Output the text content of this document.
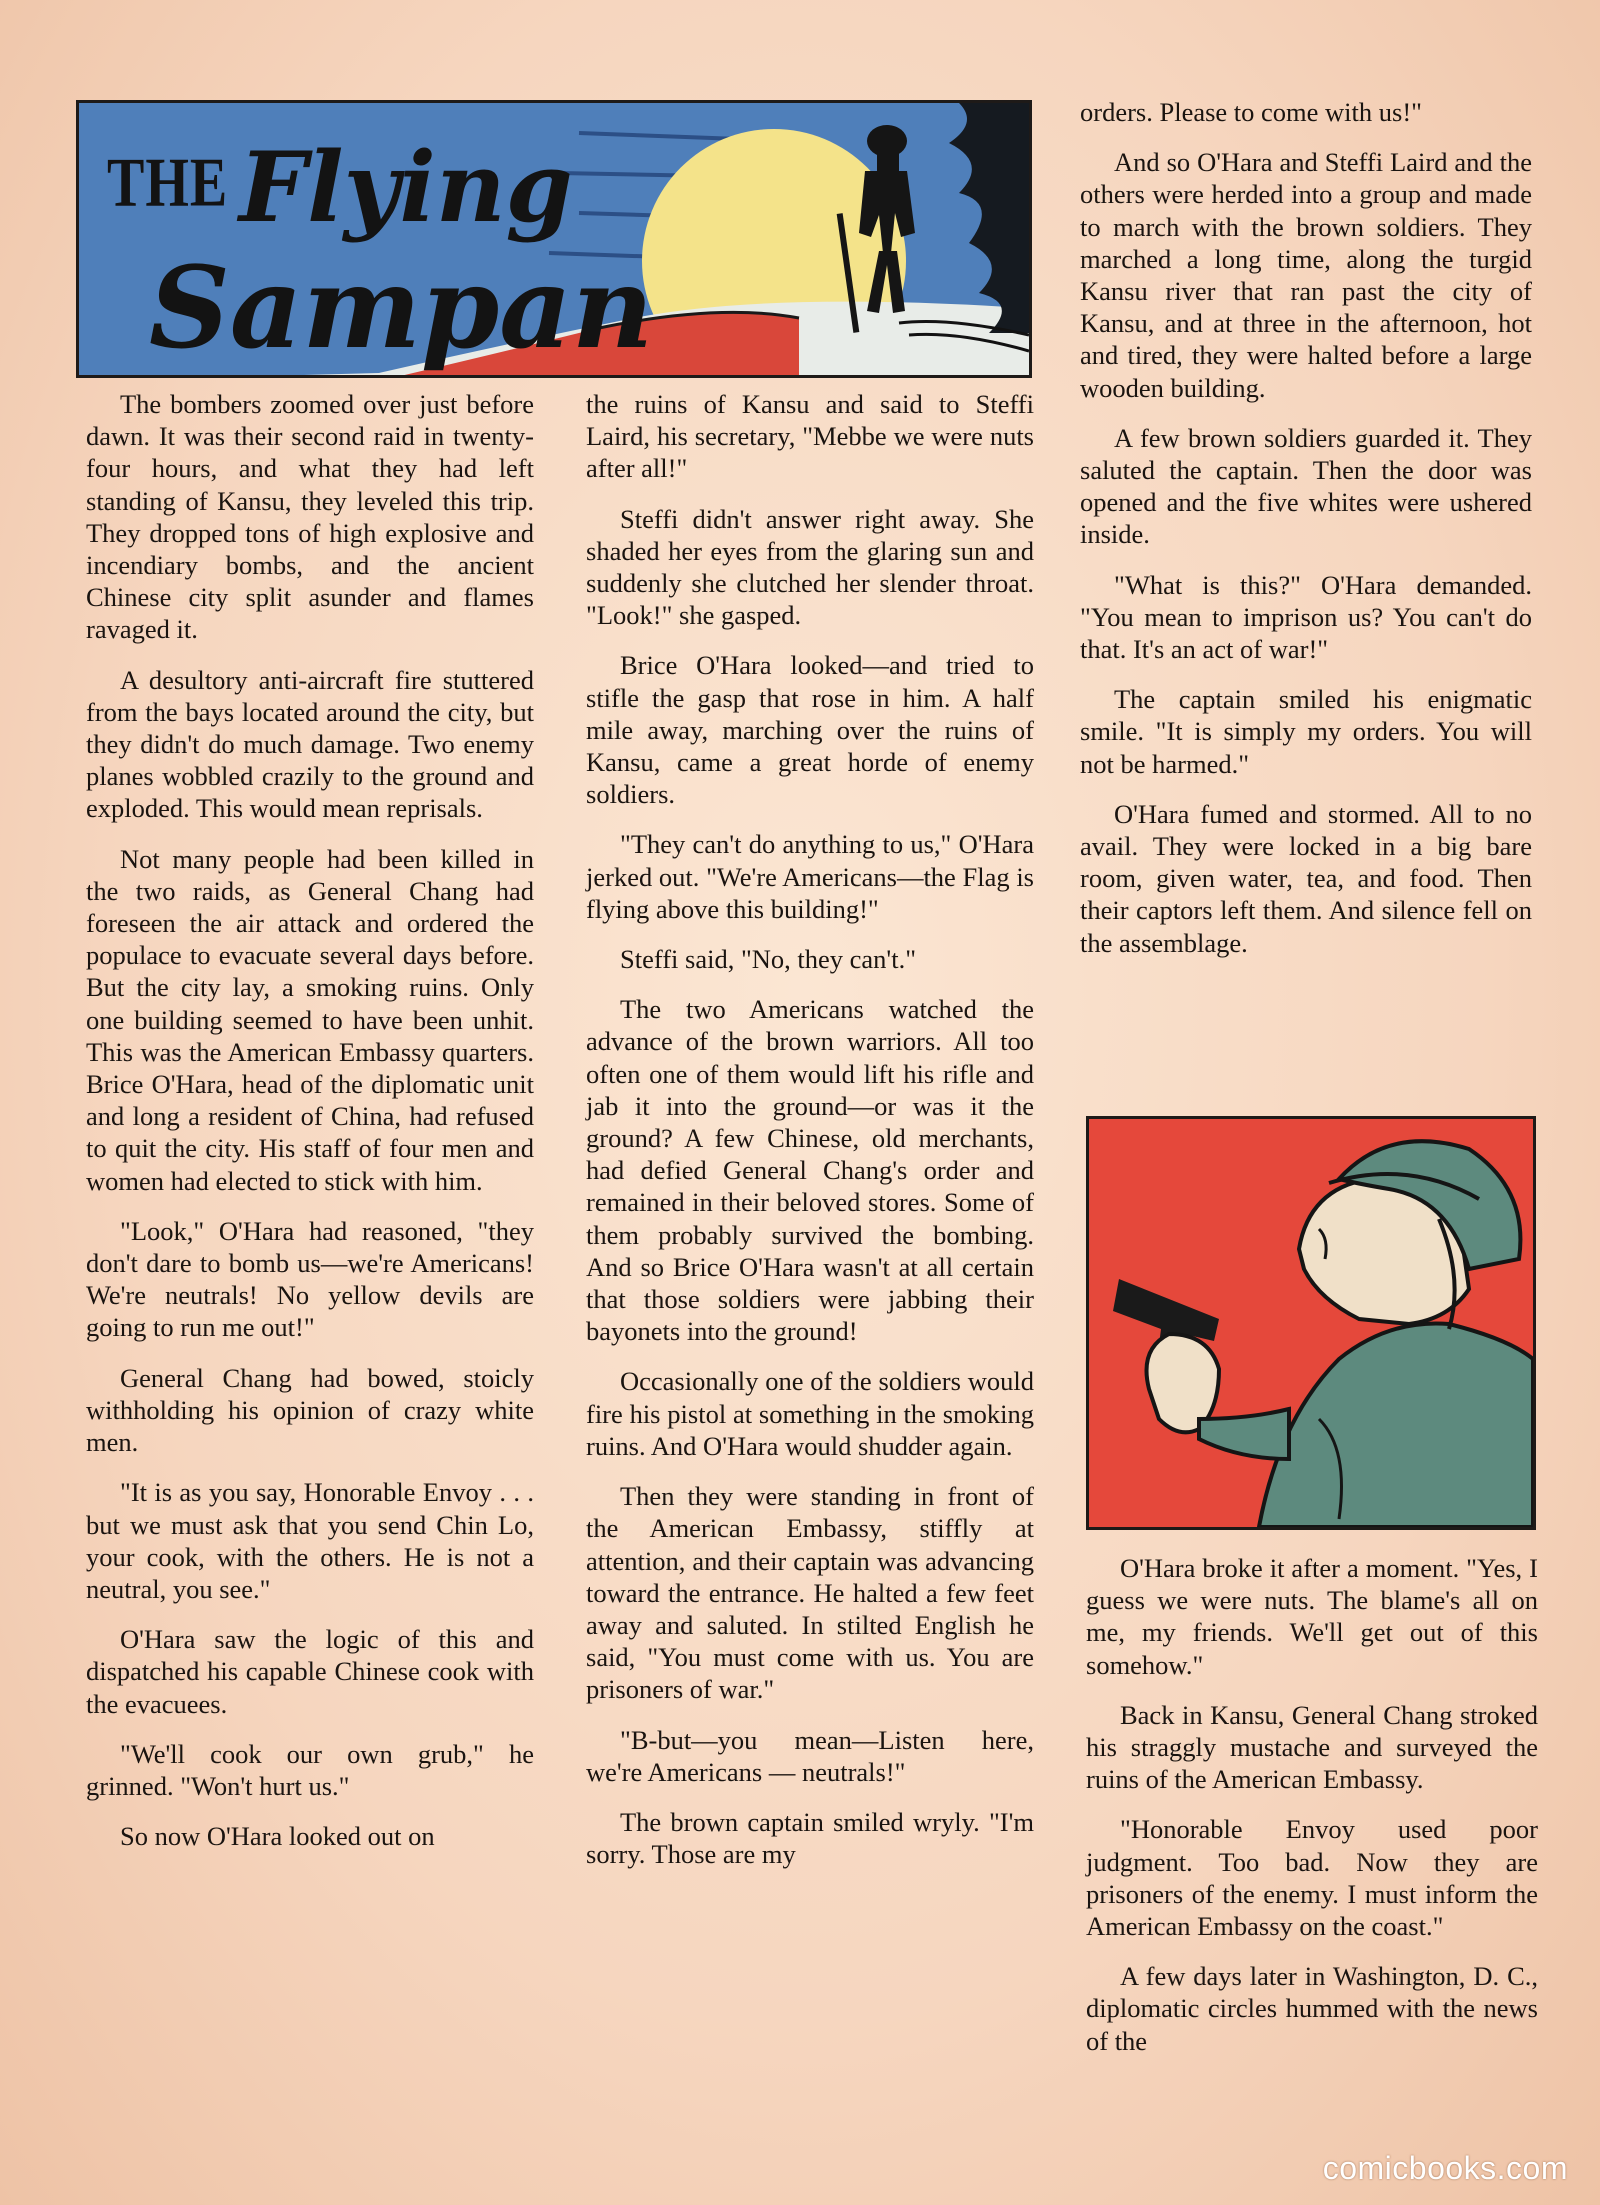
THE Flying
Sampan

The bombers zoomed over just before dawn. It was their second raid in twenty-four hours, and what they had left standing of Kansu, they leveled this trip. They dropped tons of high explosive and incendiary bombs, and the ancient Chinese city split asunder and flames ravaged it.

A desultory anti-aircraft fire stuttered from the bays located around the city, but they didn't do much damage. Two enemy planes wobbled crazily to the ground and exploded. This would mean reprisals.

Not many people had been killed in the two raids, as General Chang had foreseen the air attack and ordered the populace to evacuate several days before. But the city lay, a smoking ruins. Only one building seemed to have been unhit. This was the American Embassy quarters. Brice O'Hara, head of the diplomatic unit and long a resident of China, had refused to quit the city. His staff of four men and women had elected to stick with him.

"Look," O'Hara had reasoned, "they don't dare to bomb us—we're Americans! We're neutrals! No yellow devils are going to run me out!"

General Chang had bowed, stoicly withholding his opinion of crazy white men.

"It is as you say, Honorable Envoy . . . but we must ask that you send Chin Lo, your cook, with the others. He is not a neutral, you see."

O'Hara saw the logic of this and dispatched his capable Chinese cook with the evacuees.

"We'll cook our own grub," he grinned. "Won't hurt us."

So now O'Hara looked out on

the ruins of Kansu and said to Steffi Laird, his secretary, "Mebbe we were nuts after all!"

Steffi didn't answer right away. She shaded her eyes from the glaring sun and suddenly she clutched her slender throat. "Look!" she gasped.

Brice O'Hara looked—and tried to stifle the gasp that rose in him. A half mile away, marching over the ruins of Kansu, came a great horde of enemy soldiers.

"They can't do anything to us," O'Hara jerked out. "We're Americans—the Flag is flying above this building!"

Steffi said, "No, they can't."

The two Americans watched the advance of the brown warriors. All too often one of them would lift his rifle and jab it into the ground—or was it the ground? A few Chinese, old merchants, had defied General Chang's order and remained in their beloved stores. Some of them probably survived the bombing. And so Brice O'Hara wasn't at all certain that those soldiers were jabbing their bayonets into the ground!

Occasionally one of the soldiers would fire his pistol at something in the smoking ruins. And O'Hara would shudder again.

Then they were standing in front of the American Embassy, stiffly at attention, and their captain was advancing toward the entrance. He halted a few feet away and saluted. In stilted English he said, "You must come with us. You are prisoners of war."

"B-but—you mean—Listen here, we're Americans — neutrals!"

The brown captain smiled wryly. "I'm sorry. Those are my

orders. Please to come with us!"

And so O'Hara and Steffi Laird and the others were herded into a group and made to march with the brown soldiers. They marched a long time, along the turgid Kansu river that ran past the city of Kansu, and at three in the afternoon, hot and tired, they were halted before a large wooden building.

A few brown soldiers guarded it. They saluted the captain. Then the door was opened and the five whites were ushered inside.

"What is this?" O'Hara demanded. "You mean to imprison us? You can't do that. It's an act of war!"

The captain smiled his enigmatic smile. "It is simply my orders. You will not be harmed."

O'Hara fumed and stormed. All to no avail. They were locked in a big bare room, given water, tea, and food. Then their captors left them. And silence fell on the assemblage.

O'Hara broke it after a moment. "Yes, I guess we were nuts. The blame's all on me, my friends. We'll get out of this somehow."

Back in Kansu, General Chang stroked his straggly mustache and surveyed the ruins of the American Embassy.

"Honorable Envoy used poor judgment. Too bad. Now they are prisoners of the enemy. I must inform the American Embassy on the coast."

A few days later in Washington, D. C., diplomatic circles hummed with the news of the

comicbooks.com
